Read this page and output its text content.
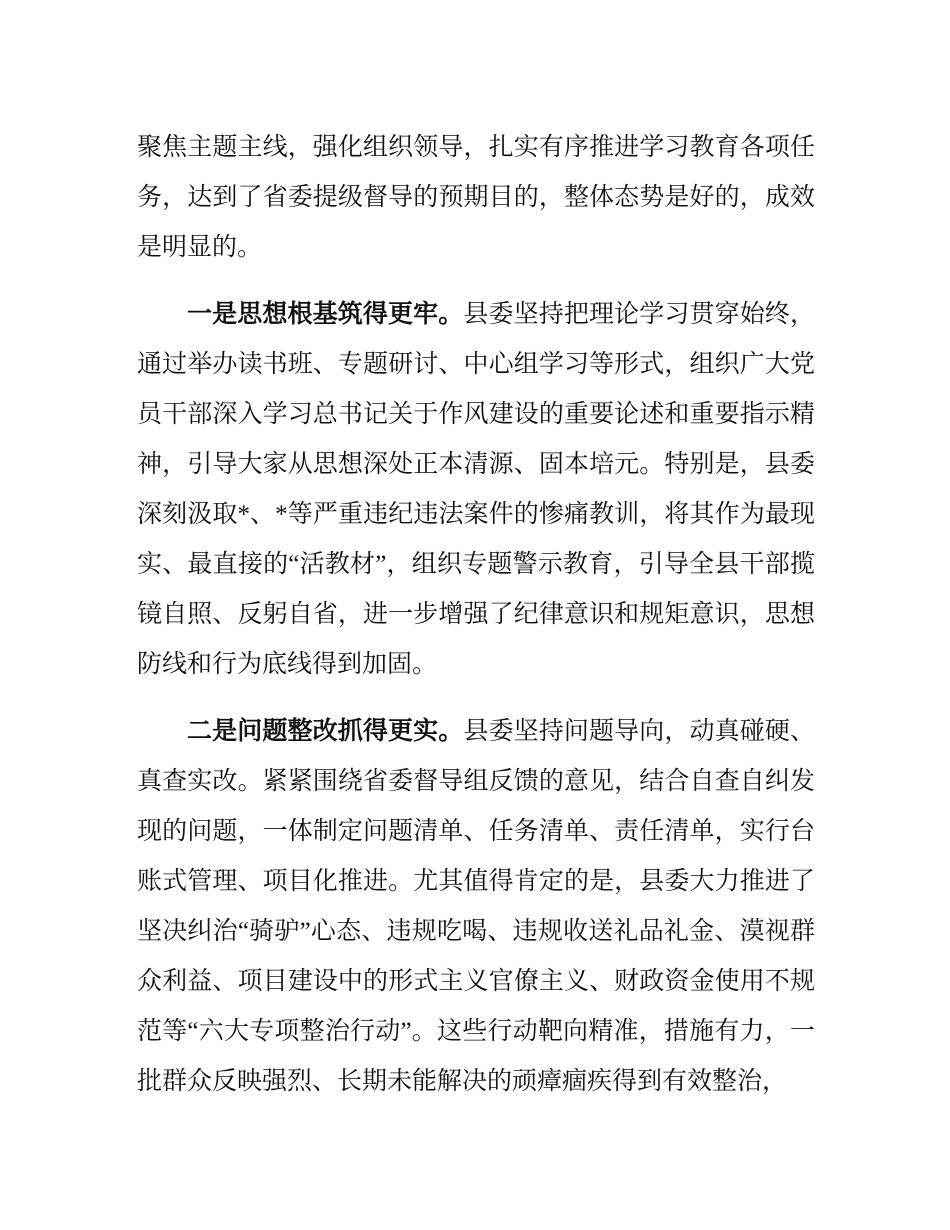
聚焦主题主线，强化组织领导，扎实有序推进学习教育各项任务，达到了省委提级督导的预期目的，整体态势是好的，成效是明显的。

一是思想根基筑得更牢。县委坚持把理论学习贯穿始终，通过举办读书班、专题研讨、中心组学习等形式，组织广大党员干部深入学习总书记关于作风建设的重要论述和重要指示精神，引导大家从思想深处正本清源、固本培元。特别是，县委深刻汲取*、*等严重违纪违法案件的惨痛教训，将其作为最现实、最直接的“活教材”，组织专题警示教育，引导全县干部揽镜自照、反躬自省，进一步增强了纪律意识和规矩意识，思想防线和行为底线得到加固。

二是问题整改抓得更实。县委坚持问题导向，动真碰硬、真查实改。紧紧围绕省委督导组反馈的意见，结合自查自纠发现的问题，一体制定问题清单、任务清单、责任清单，实行台账式管理、项目化推进。尤其值得肯定的是，县委大力推进了坚决纠治“骑驴”心态、违规吃喝、违规收送礼品礼金、漠视群众利益、项目建设中的形式主义官僚主义、财政资金使用不规范等“六大专项整治行动”。这些行动靶向精准，措施有力，一批群众反映强烈、长期未能解决的顽瘴痼疾得到有效整治，
